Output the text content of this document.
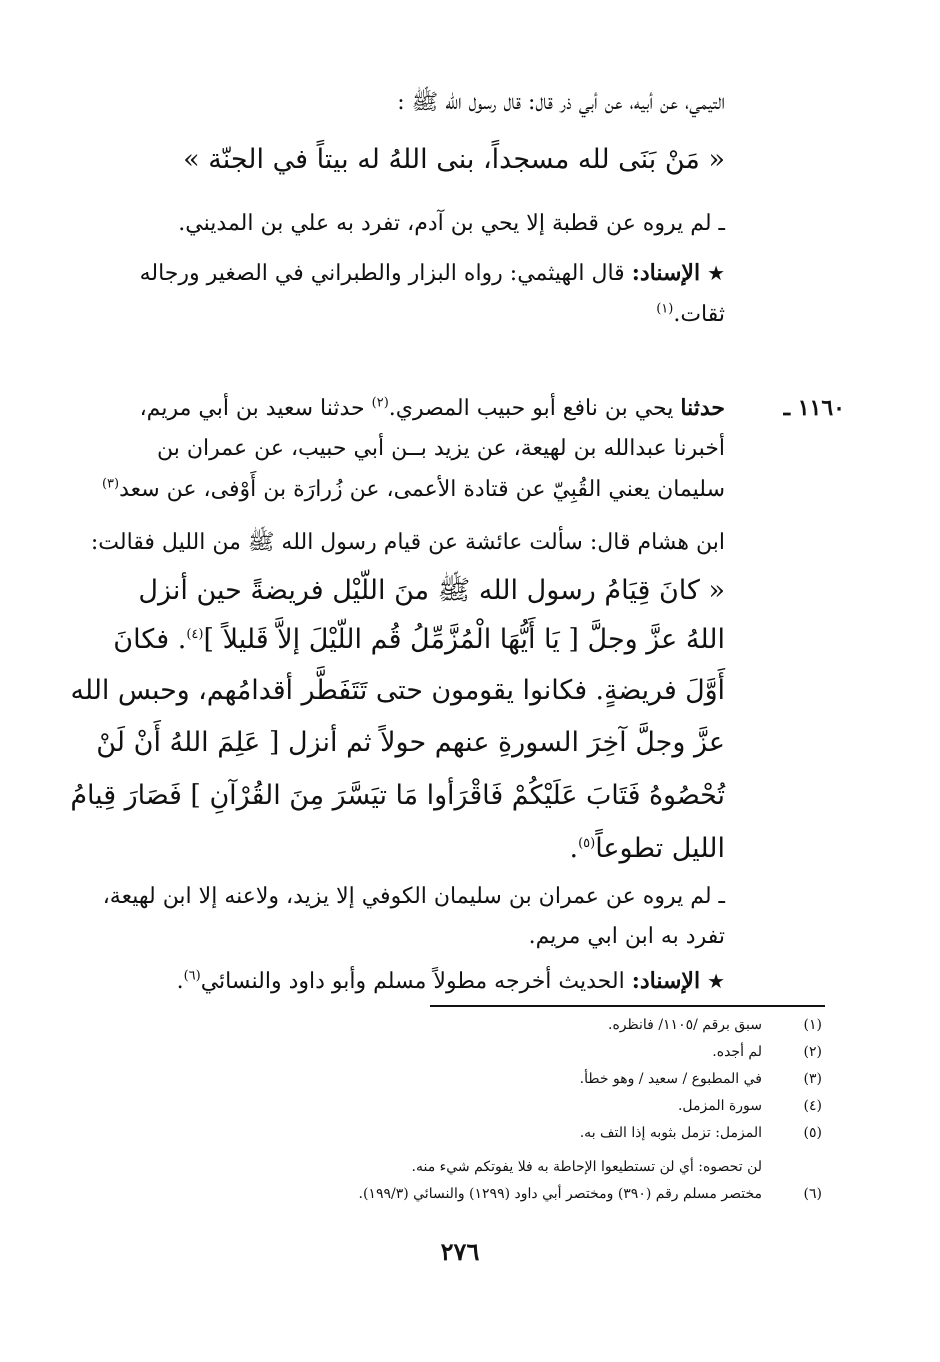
التيمي، عن أبيه، عن أبي ذر قال: قال رسول الله ﷺ :
« مَنْ بَنَى لله مسجداً، بنى اللهُ له بيتاً في الجنّة »
ـ لم يروه عن قطبة إلا يحي بن آدم، تفرد به علي بن المديني.
★ الإسناد: قال الهيثمي: رواه البزار والطبراني في الصغير ورجاله
ثقات.$^{(١)}$
١١٦٠ ـ
حدثنا يحي بن نافع أبو حبيب المصري.$^{(٢)}$ حدثنا سعيد بن أبي مريم،
أخبرنا عبدالله بن لهيعة، عن يزيد بــن أبي حبيب، عن عمران بن
سليمان يعني القُبِيّ عن قتادة الأعمى، عن زُرارَة بن أَوْفى، عن سعد$^{(٣)}$
ابن هشام قال: سألت عائشة عن قيام رسول الله ﷺ من الليل فقالت:
« كانَ قِيَامُ رسول الله ﷺ منَ اللّيْل فريضةً حين أنزل
اللهُ عزَّ وجلَّ [ يَا أَيُّهَا الْمُزَّمِّلُ قُم اللّيْلَ إلاَّ قَليلاً ]$^{(٤)}$. فكانَ
أَوَّلَ فريضةٍ. فكانوا يقومون حتى تَتَفَطَّر أقدامُهم، وحبس الله
عزَّ وجلَّ آخِرَ السورةِ عنهم حولاً ثم أنزل [ عَلِمَ اللهُ أَنْ لَنْ
تُحْصُوهُ فَتَابَ عَلَيْكُمْ فَاقْرَأوا مَا تيَسَّرَ مِنَ القُرْآنِ ] فَصَارَ قِيامُ
الليل تطوعاً$^{(٥)}$.
ـ لم يروه عن عمران بن سليمان الكوفي إلا يزيد، ولاعنه إلا ابن لهيعة،
تفرد به ابن ابي مريم.
★ الإسناد: الحديث أخرجه مطولاً مسلم وأبو داود والنسائي$^{(٦)}$.
(١)
سبق برقم /١١٠٥/ فانظره.
(٢)
لم أجده.
(٣)
في المطبوع / سعيد / وهو خطأ.
(٤)
سورة المزمل.
(٥)
المزمل: تزمل بثوبه إذا التف به.
لن تحصوه: أي لن تستطيعوا الإحاطة به فلا يفوتكم شيء منه.
(٦)
مختصر مسلم رقم (٣٩٠) ومختصر أبي داود (١٢٩٩) والنسائي (١٩٩/٣).
٢٧٦
